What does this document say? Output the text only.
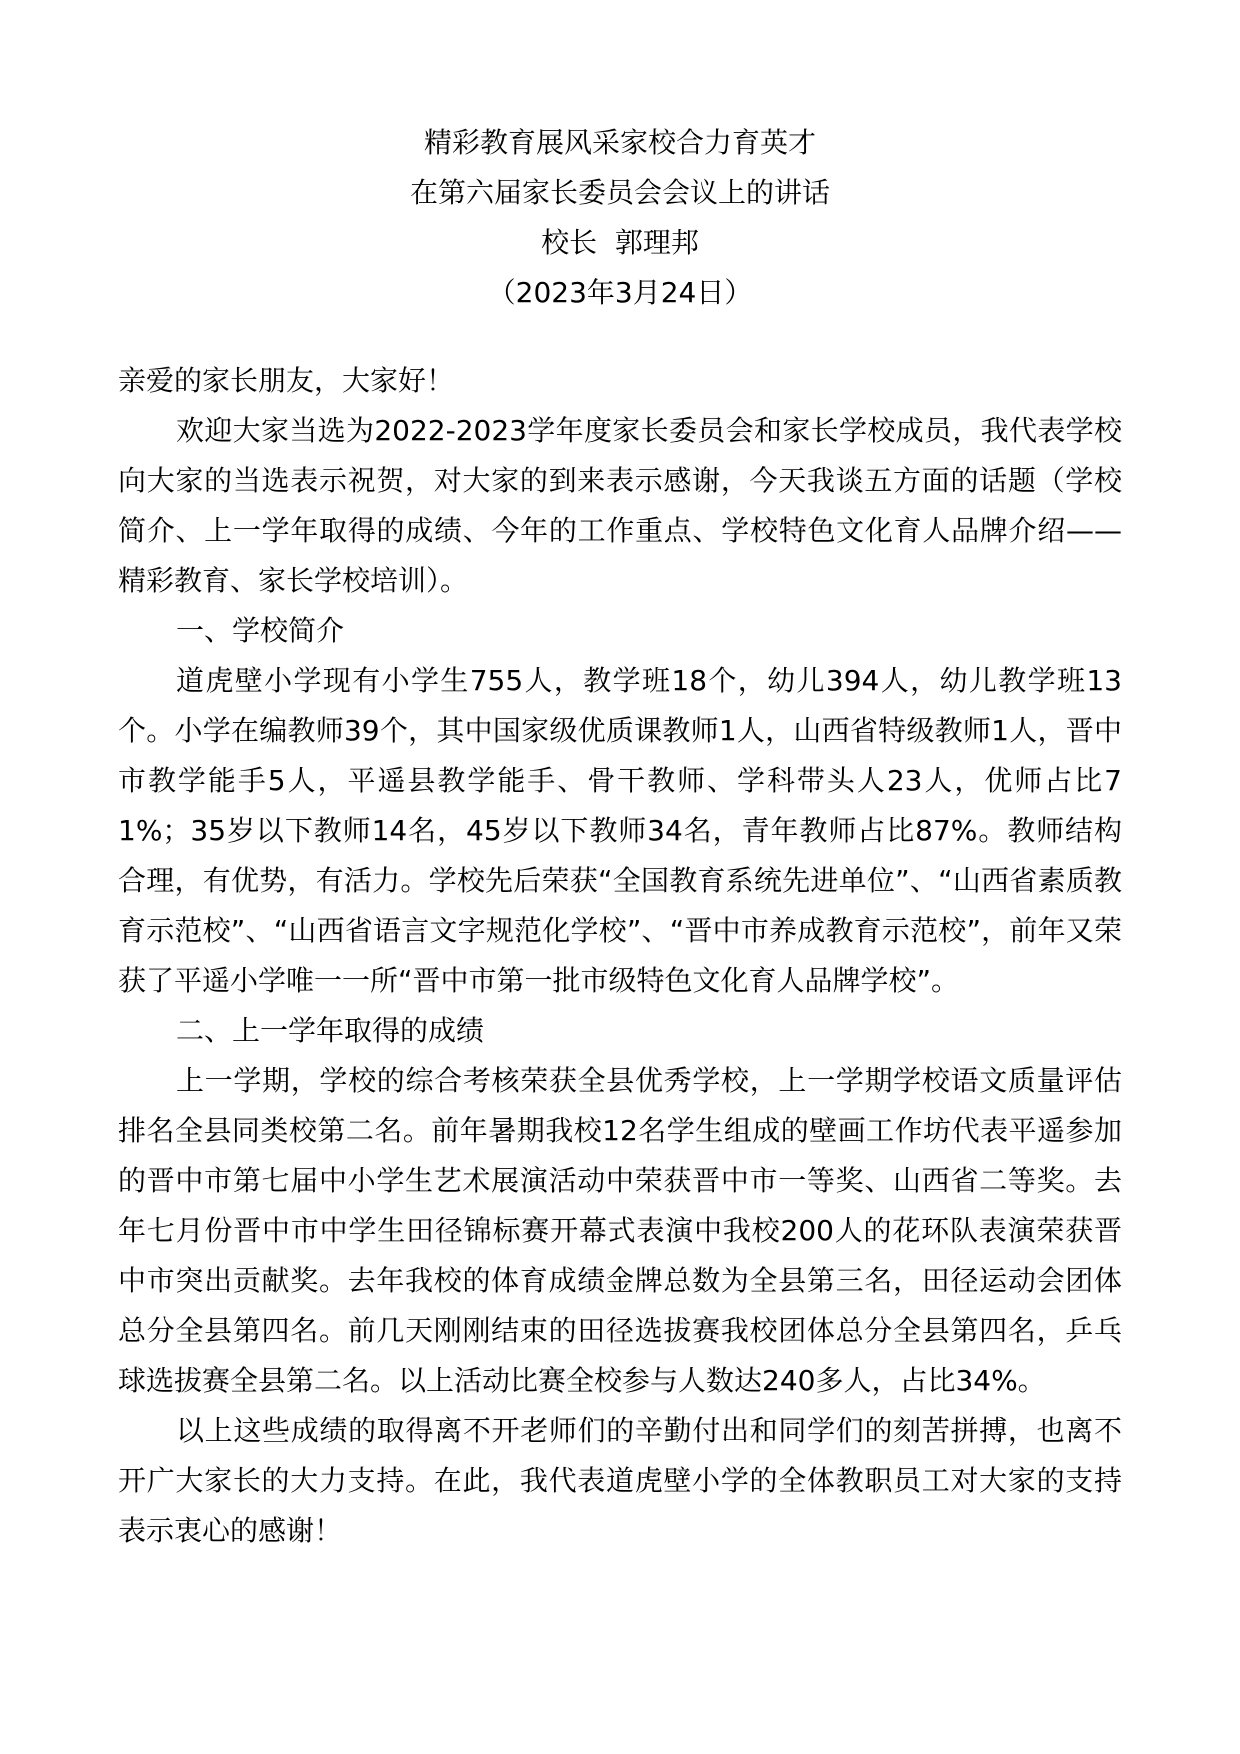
精彩教育展风采家校合力育英才
在第六届家长委员会会议上的讲话
校长  郭理邦
（2023年3月24日）

亲爱的家长朋友，大家好！

欢迎大家当选为2022-2023学年度家长委员会和家长学校成员，我代表学校向大家的当选表示祝贺，对大家的到来表示感谢，今天我谈五方面的话题（学校简介、上一学年取得的成绩、今年的工作重点、学校特色文化育人品牌介绍——精彩教育、家长学校培训）。

一、学校简介

道虎壁小学现有小学生755人，教学班18个，幼儿394人，幼儿教学班13个。小学在编教师39个，其中国家级优质课教师1人，山西省特级教师1人，晋中市教学能手5人，平遥县教学能手、骨干教师、学科带头人23人，优师占比71%；35岁以下教师14名，45岁以下教师34名，青年教师占比87%。教师结构合理，有优势，有活力。学校先后荣获“全国教育系统先进单位”、“山西省素质教育示范校”、“山西省语言文字规范化学校”、“晋中市养成教育示范校”，前年又荣获了平遥小学唯一一所“晋中市第一批市级特色文化育人品牌学校”。

二、上一学年取得的成绩

上一学期，学校的综合考核荣获全县优秀学校，上一学期学校语文质量评估排名全县同类校第二名。前年暑期我校12名学生组成的壁画工作坊代表平遥参加的晋中市第七届中小学生艺术展演活动中荣获晋中市一等奖、山西省二等奖。去年七月份晋中市中学生田径锦标赛开幕式表演中我校200人的花环队表演荣获晋中市突出贡献奖。去年我校的体育成绩金牌总数为全县第三名，田径运动会团体总分全县第四名。前几天刚刚结束的田径选拔赛我校团体总分全县第四名，乒乓球选拔赛全县第二名。以上活动比赛全校参与人数达240多人，占比34%。

以上这些成绩的取得离不开老师们的辛勤付出和同学们的刻苦拼搏，也离不开广大家长的大力支持。在此，我代表道虎壁小学的全体教职员工对大家的支持表示衷心的感谢！
